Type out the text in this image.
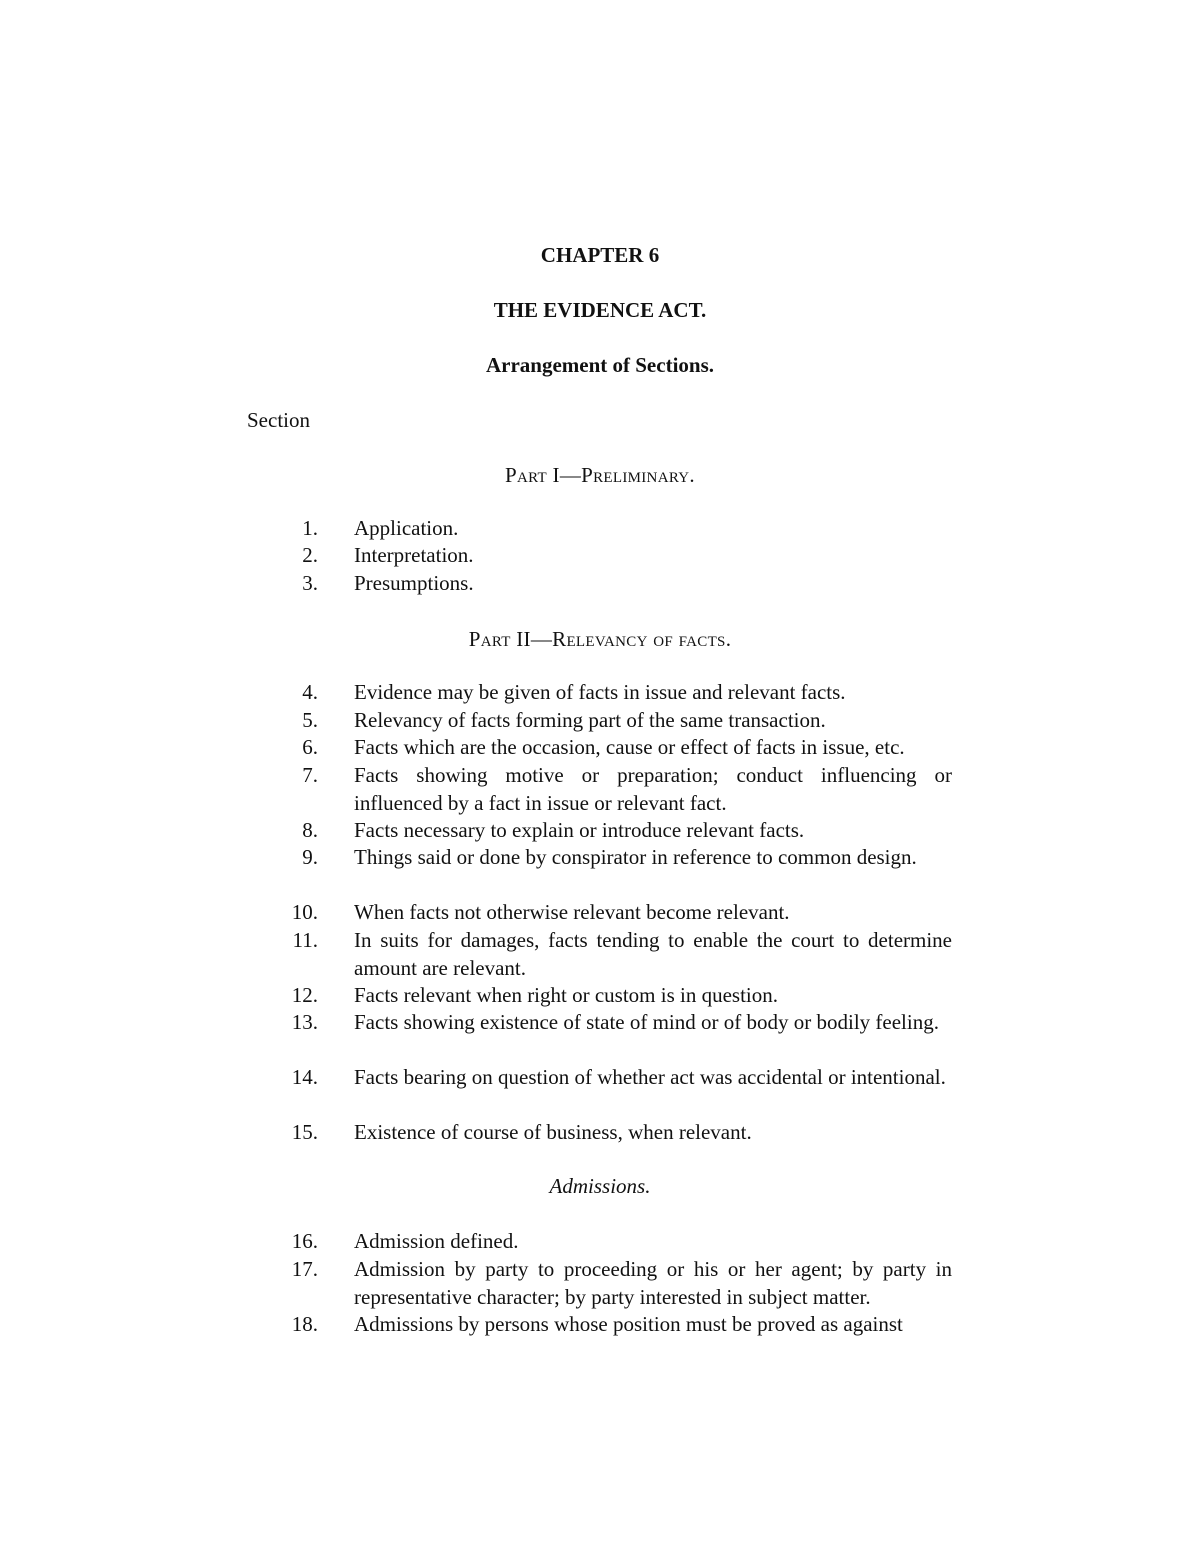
CHAPTER 6
THE EVIDENCE ACT.
Arrangement of Sections.
Section
Part I—Preliminary.
1. Application.
2. Interpretation.
3. Presumptions.
Part II—Relevancy of facts.
4. Evidence may be given of facts in issue and relevant facts.
5. Relevancy of facts forming part of the same transaction.
6. Facts which are the occasion, cause or effect of facts in issue, etc.
7. Facts showing motive or preparation; conduct influencing or influenced by a fact in issue or relevant fact.
8. Facts necessary to explain or introduce relevant facts.
9. Things said or done by conspirator in reference to common design.
10. When facts not otherwise relevant become relevant.
11. In suits for damages, facts tending to enable the court to determine amount are relevant.
12. Facts relevant when right or custom is in question.
13. Facts showing existence of state of mind or of body or bodily feeling.
14. Facts bearing on question of whether act was accidental or intentional.
15. Existence of course of business, when relevant.
Admissions.
16. Admission defined.
17. Admission by party to proceeding or his or her agent; by party in representative character; by party interested in subject matter.
18. Admissions by persons whose position must be proved as against
